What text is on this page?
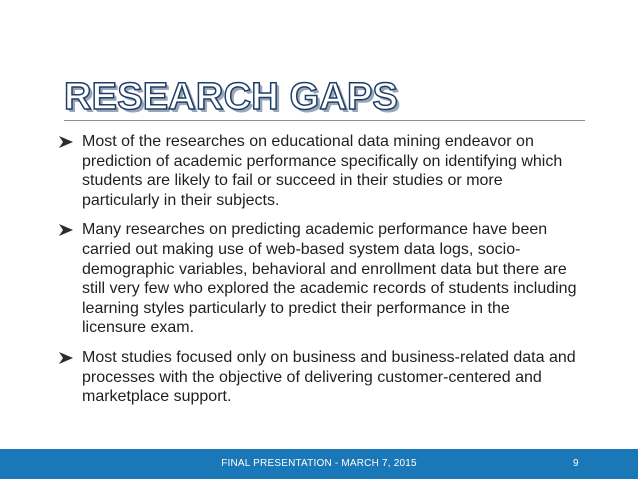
RESEARCH GAPS
Most of the researches on educational data mining endeavor on prediction of academic performance specifically on identifying which students are likely to fail or succeed in their studies or more particularly in their subjects.
Many researches on predicting academic performance have been carried out making use of web-based system data logs, socio-demographic variables, behavioral and enrollment data but there are still very few who explored the academic records of students including learning styles particularly to predict their performance in the licensure exam.
Most studies focused only on business and business-related data and processes with the objective of delivering customer-centered and marketplace support.
FINAL PRESENTATION - MARCH 7, 2015	9
